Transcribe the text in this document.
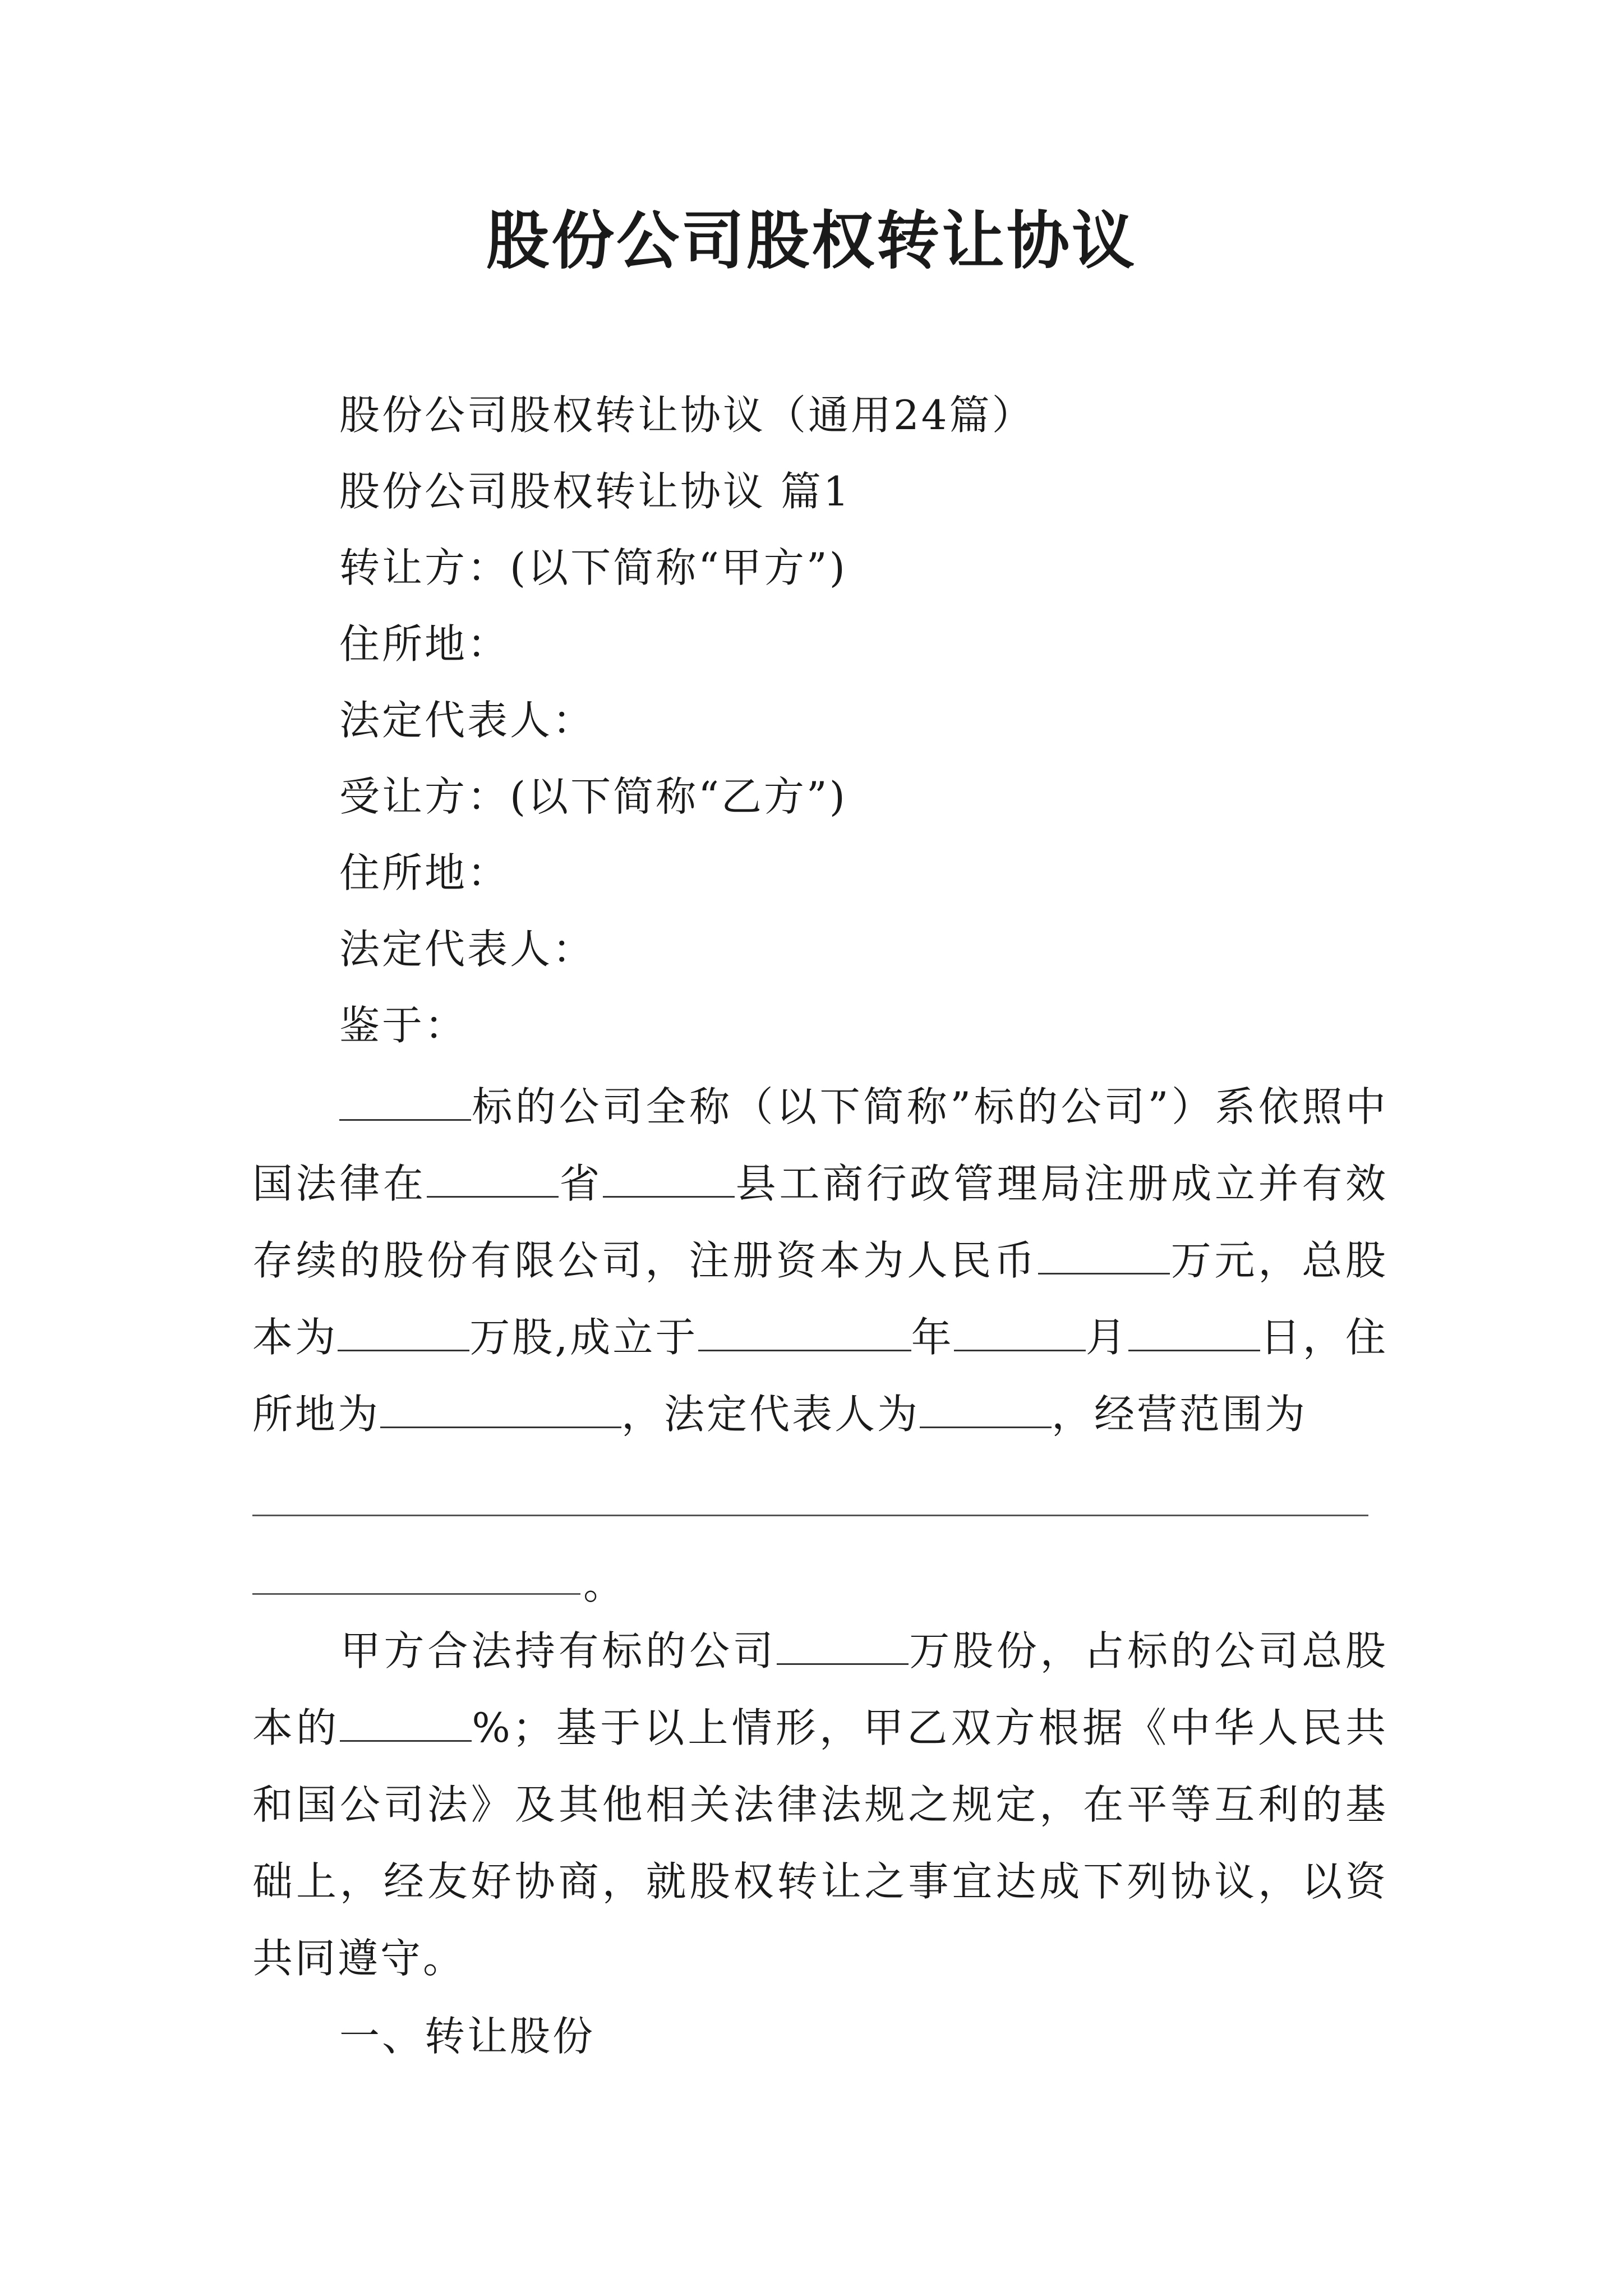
股份公司股权转让协议
股份公司股权转让协议（通用24篇）
股份公司股权转让协议 篇1
转让方：(以下简称“甲方”)
住所地：
法定代表人：
受让方：(以下简称“乙方”)
住所地：
法定代表人：
鉴于：

标的公司全称（以下简称”标的公司”）系依照中国法律在	省	县工商行政管理局注册成立并有效存续的股份有限公司，注册资本为人民币	万元，总股本为	万股,成立于	年	月	日，住所地为	，法定代表人为	，经营范围为

。

甲方合法持有标的公司	万股份，占标的公司总股本的	%；基于以上情形，甲乙双方根据《中华人民共和国公司法》及其他相关法律法规之规定，在平等互利的基础上，经友好协商，就股权转让之事宜达成下列协议，以资共同遵守。

一、转让股份
